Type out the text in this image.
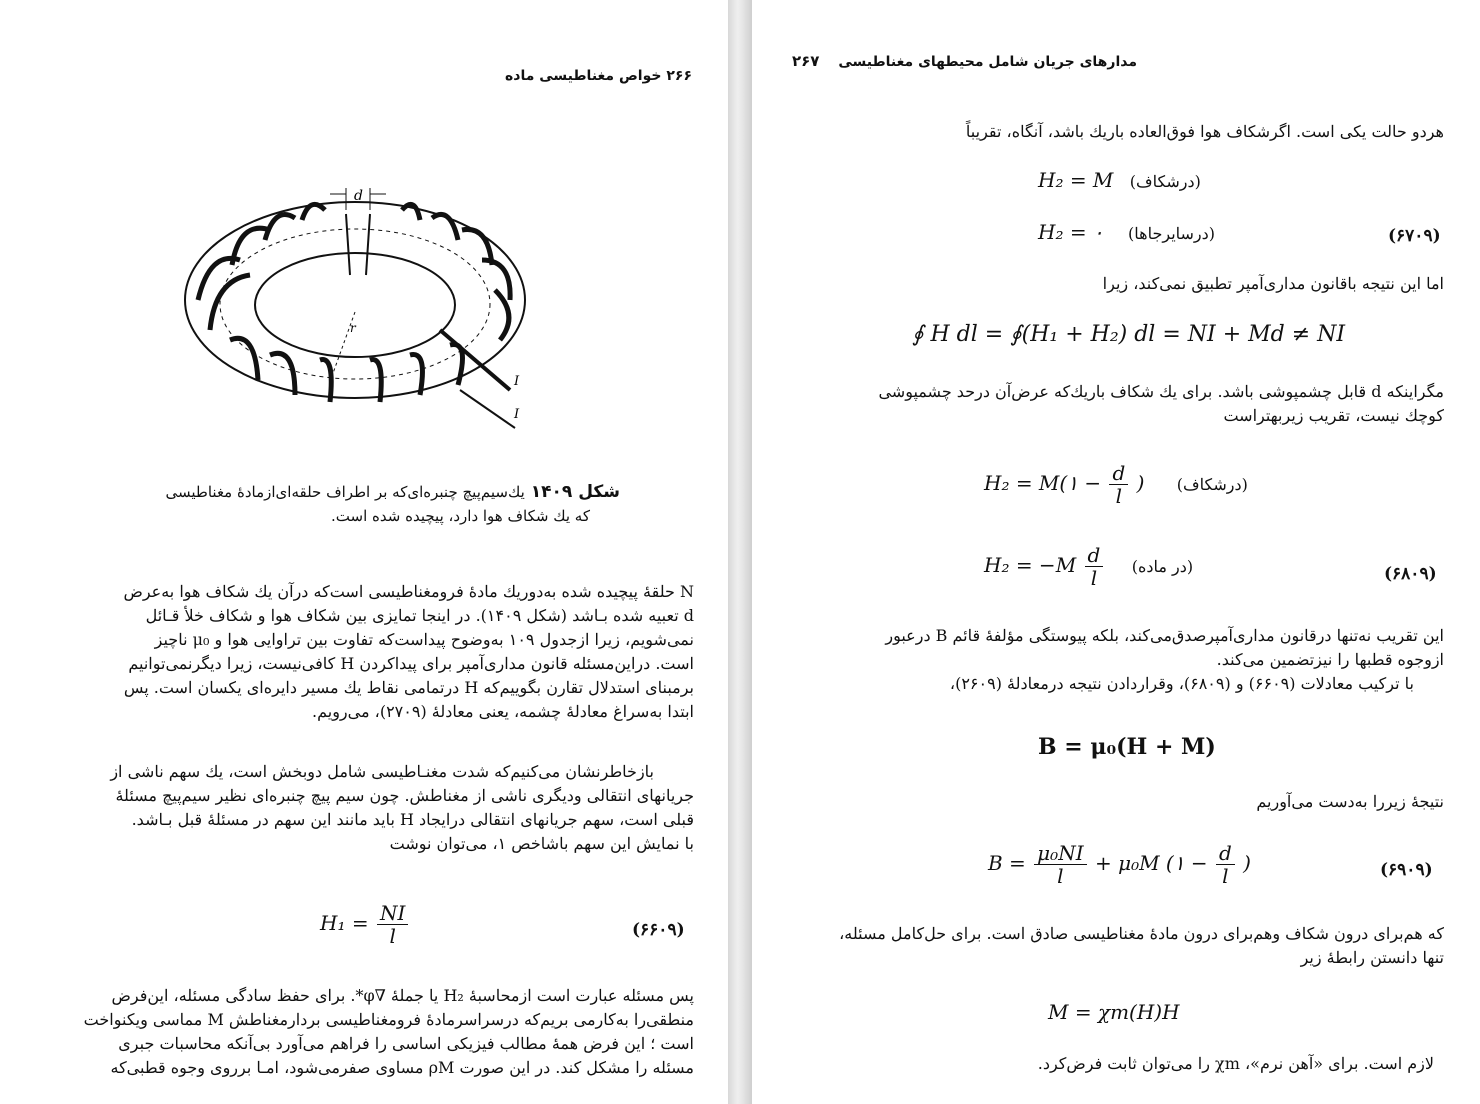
۲۶۶ خواص مغناطیسی ماده
d
r
I
I
شکل ۱۴۰۹یك‌سیم‌پیچ چنبره‌ای‌که بر اطراف حلقه‌ای‌ازمادهٔ مغناطیسی
که یك شکاف هوا دارد، پیچیده شده است.
N حلقهٔ پیچیده شده به‌دوریك مادهٔ فرومغناطیسی است‌که درآن یك شکاف هوا به‌عرض
d تعبیه شده بـاشد (شکل ۱۴۰۹). در اینجا تمایزی بین شکاف هوا و شکاف خلأ قـائل
نمی‌شویم، زیرا ازجدول ۱۰۹ به‌وضوح پیداست‌که تفاوت بین تراوایی هوا و μ₀ ناچیز
است. دراین‌مسئله قانون مداری‌آمپر برای پیداکردن H کافی‌نیست، زیرا دیگرنمی‌توانیم
برمبنای استدلال تقارن بگوییم‌که H درتمامی نقاط یك مسیر دایره‌ای یکسان است. پس
ابتدا به‌سراغ معادلهٔ چشمه، یعنی معادلهٔ (۲۷۰۹)، می‌رویم.
بازخاطرنشان می‌کنیم‌که شدت مغنـاطیسی شامل دوبخش است، یك سهم ناشی از
جریانهای انتقالی ودیگری ناشی از مغناطش. چون سیم پیچ چنبره‌ای نظیر سیم‌پیچ مسئلهٔ
قبلی است، سهم جریانهای انتقالی درایجاد H باید مانند این سهم در مسئلهٔ قبل بـاشد.
با نمایش این سهم باشاخص ۱، می‌توان نوشت
$H_1 = \frac{NI}{l}$	(۶۶۰۹)
پس مسئله عبارت است ازمحاسبهٔ H₂ یا جملهٔ ∇φ*. برای حفظ سادگی مسئله، این‌فرض
منطقی‌را به‌کارمی بریم‌که درسراسرمادهٔ فرومغناطیسی بردارمغناطش M مماسی ویکنواخت
است ؛ این فرض همهٔ مطالب فیزیکی اساسی را فراهم می‌آورد بی‌آنکه محاسبات جبری
مسئله را مشکل کند. در این صورت ρM مساوی صفرمی‌شود، امـا برروی وجوه قطبی‌که
۲۶۷ مدارهای جریان شامل محیطهای مغناطیسی
هردو حالت یکی است. اگرشکاف هوا فوق‌العاده باریك باشد، آنگاه، تقریباً
H₂ = M (درشکاف)
H₂ = ۰ (درسایرجاها)	(۶۷۰۹)
اما این نتیجه باقانون مداری‌آمپر تطبیق نمی‌کند، زیرا
∮ H dl = ∮(H₁ + H₂) dl = NI + Md ≠ NI
مگراینکه d قابل چشمپوشی باشد. برای یك شکاف باریك‌که عرض‌آن درحد چشمپوشی
کوچك نیست، تقریب زیربهتراست
H₂ = M(۱ − $\frac{d}{l}$ ) (درشکاف)
$H_2 = -M \frac{d}{l}$ (در ماده)	(۶۸۰۹)
این تقریب نه‌تنها درقانون مداری‌آمپرصدق‌می‌کند، بلکه پیوستگی مؤلفهٔ قائم B درعبور
ازوجوه قطبها را نیزتضمین می‌کند.
با ترکیب معادلات (۶۶۰۹) و (۶۸۰۹)، وقراردادن نتیجه درمعادلهٔ (۲۶۰۹)،
B = μ₀(H + M)
نتیجهٔ زیررا به‌دست می‌آوریم
$B = \frac{\text{μ₀NI}}{l} + \mu_0M$ (۱ − $\frac{d}{l}$ )	(۶۹۰۹)
که هم‌برای درون شکاف وهم‌برای درون مادهٔ مغناطیسی صادق است. برای حل‌کامل مسئله،
تنها دانستن رابطهٔ زیر
M = χm(H)H
لازم است. برای «آهن نرم»، χm را می‌توان ثابت فرض‌کرد.
